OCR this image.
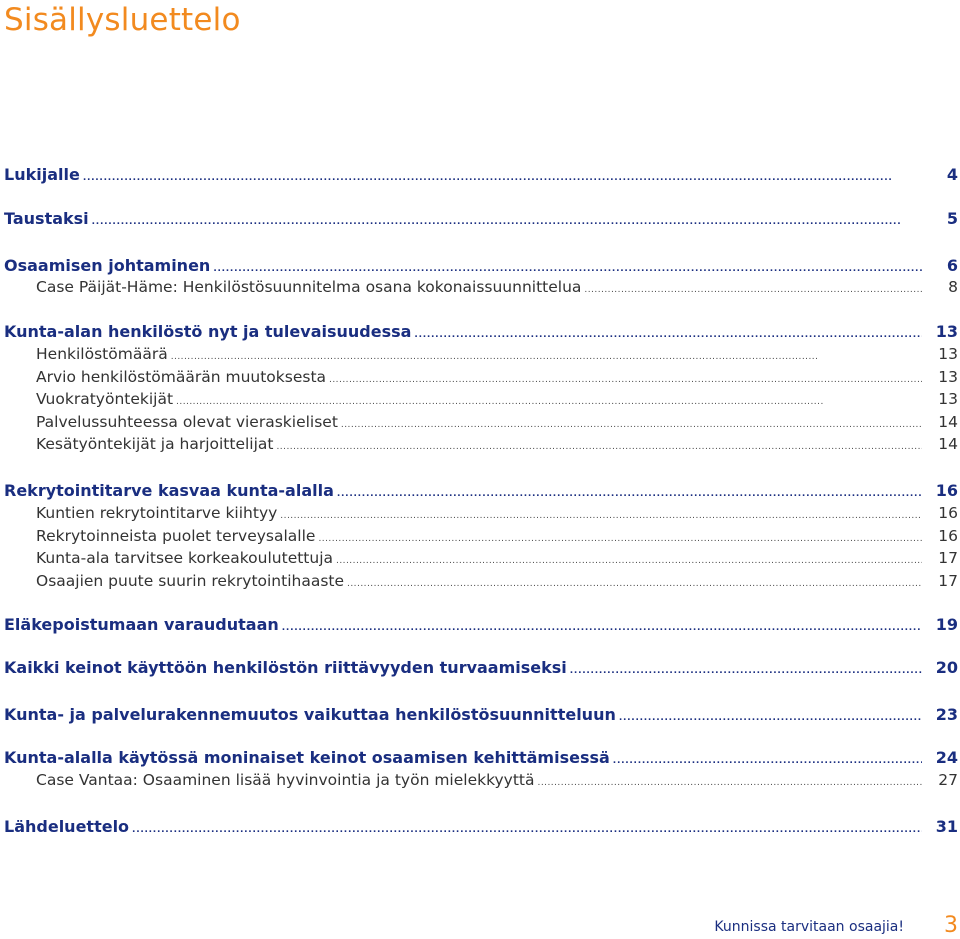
Sisällysluettelo
Lukijalle . . .	4
Taustaksi . . .	5
Osaamisen johtaminen . . .	6
Case Päijät-Häme: Henkilöstösuunnitelma osana kokonaissuunnittelua . . .	8
Kunta-alan henkilöstö nyt ja tulevaisuudessa . . .	13
Henkilöstömäärä . . .	13
Arvio henkilöstömäärän muutoksesta . . .	13
Vuokratyöntekijät . . .	13
Palvelussuhteessa olevat vieraskieliset . . .	14
Kesätyöntekijät ja harjoittelijat . . .	14
Rekrytointitarve kasvaa kunta-alalla . . .	16
Kuntien rekrytointitarve kiihtyy . . .	16
Rekrytoinneista puolet terveysalalle . . .	16
Kunta-ala tarvitsee korkeakoulutettuja . . .	17
Osaajien puute suurin rekrytointihaaste . . .	17
Eläkepoistumaan varaudutaan . . .	19
Kaikki keinot käyttöön henkilöstön riittävyyden turvaamiseksi . . .	20
Kunta- ja palvelurakennemuutos vaikuttaa henkilöstösuunnitteluun . . .	23
Kunta-alalla käytössä moninaiset keinot osaamisen kehittämisessä . . .	24
Case Vantaa: Osaaminen lisää hyvinvointia ja työn mielekkyyttä . . .	27
Lähdeluettelo . . .	31
Kunnissa tarvitaan osaajia! 3
